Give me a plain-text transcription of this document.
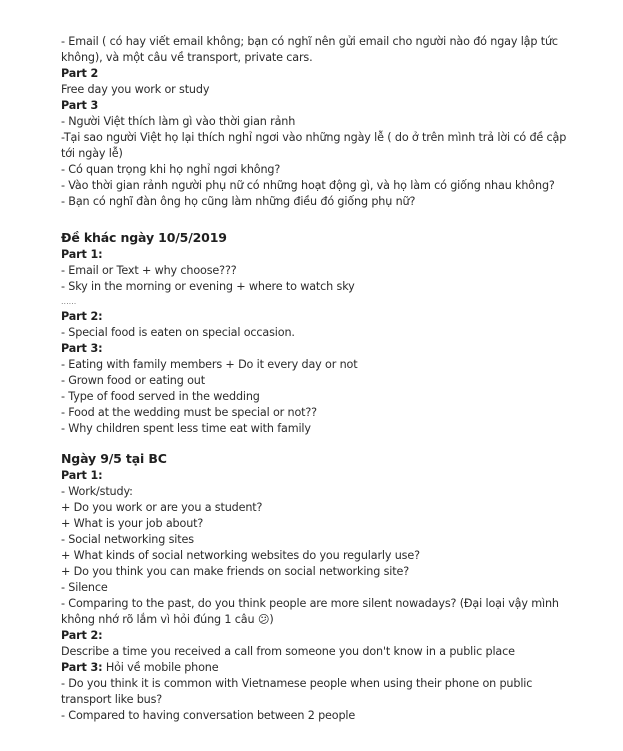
- Email ( có hay viết email không; bạn có nghĩ nên gửi email cho người nào đó ngay lập tức không), và một câu về transport, private cars.
Part 2
Free day you work or study
Part 3
- Người Việt thích làm gì vào thời gian rảnh
-Tại sao người Việt họ lại thích nghỉ ngơi vào những ngày lễ ( do ở trên mình trả lời có đề cập tới ngày lễ)
- Có quan trọng khi họ nghỉ ngơi không?
- Vào thời gian rảnh người phụ nữ có những hoạt động gì, và họ làm có giống nhau không?
- Bạn có nghĩ đàn ông họ cũng làm những điều đó giống phụ nữ?
Đề khác ngày 10/5/2019
Part 1:
- Email or Text + why choose???
- Sky in the morning or evening + where to watch sky
......
Part 2:
- Special food is eaten on special occasion.
Part 3:
- Eating with family members + Do it every day or not
- Grown food or eating out
- Type of food served in the wedding
- Food at the wedding must be special or not??
- Why children spent less time eat with family
Ngày 9/5 tại BC
Part 1:
- Work/study:
+ Do you work or are you a student?
+ What is your job about?
- Social networking sites
+ What kinds of social networking websites do you regularly use?
+ Do you think you can make friends on social networking site?
- Silence
- Comparing to the past, do you think people are more silent nowadays? (Đại loại vậy mình không nhớ rõ lắm vì hỏi đúng 1 câu 😕)
Part 2:
Describe a time you received a call from someone you don't know in a public place
Part 3: Hỏi về mobile phone
- Do you think it is common with Vietnamese people when using their phone on public transport like bus?
- Compared to having conversation between 2 people
